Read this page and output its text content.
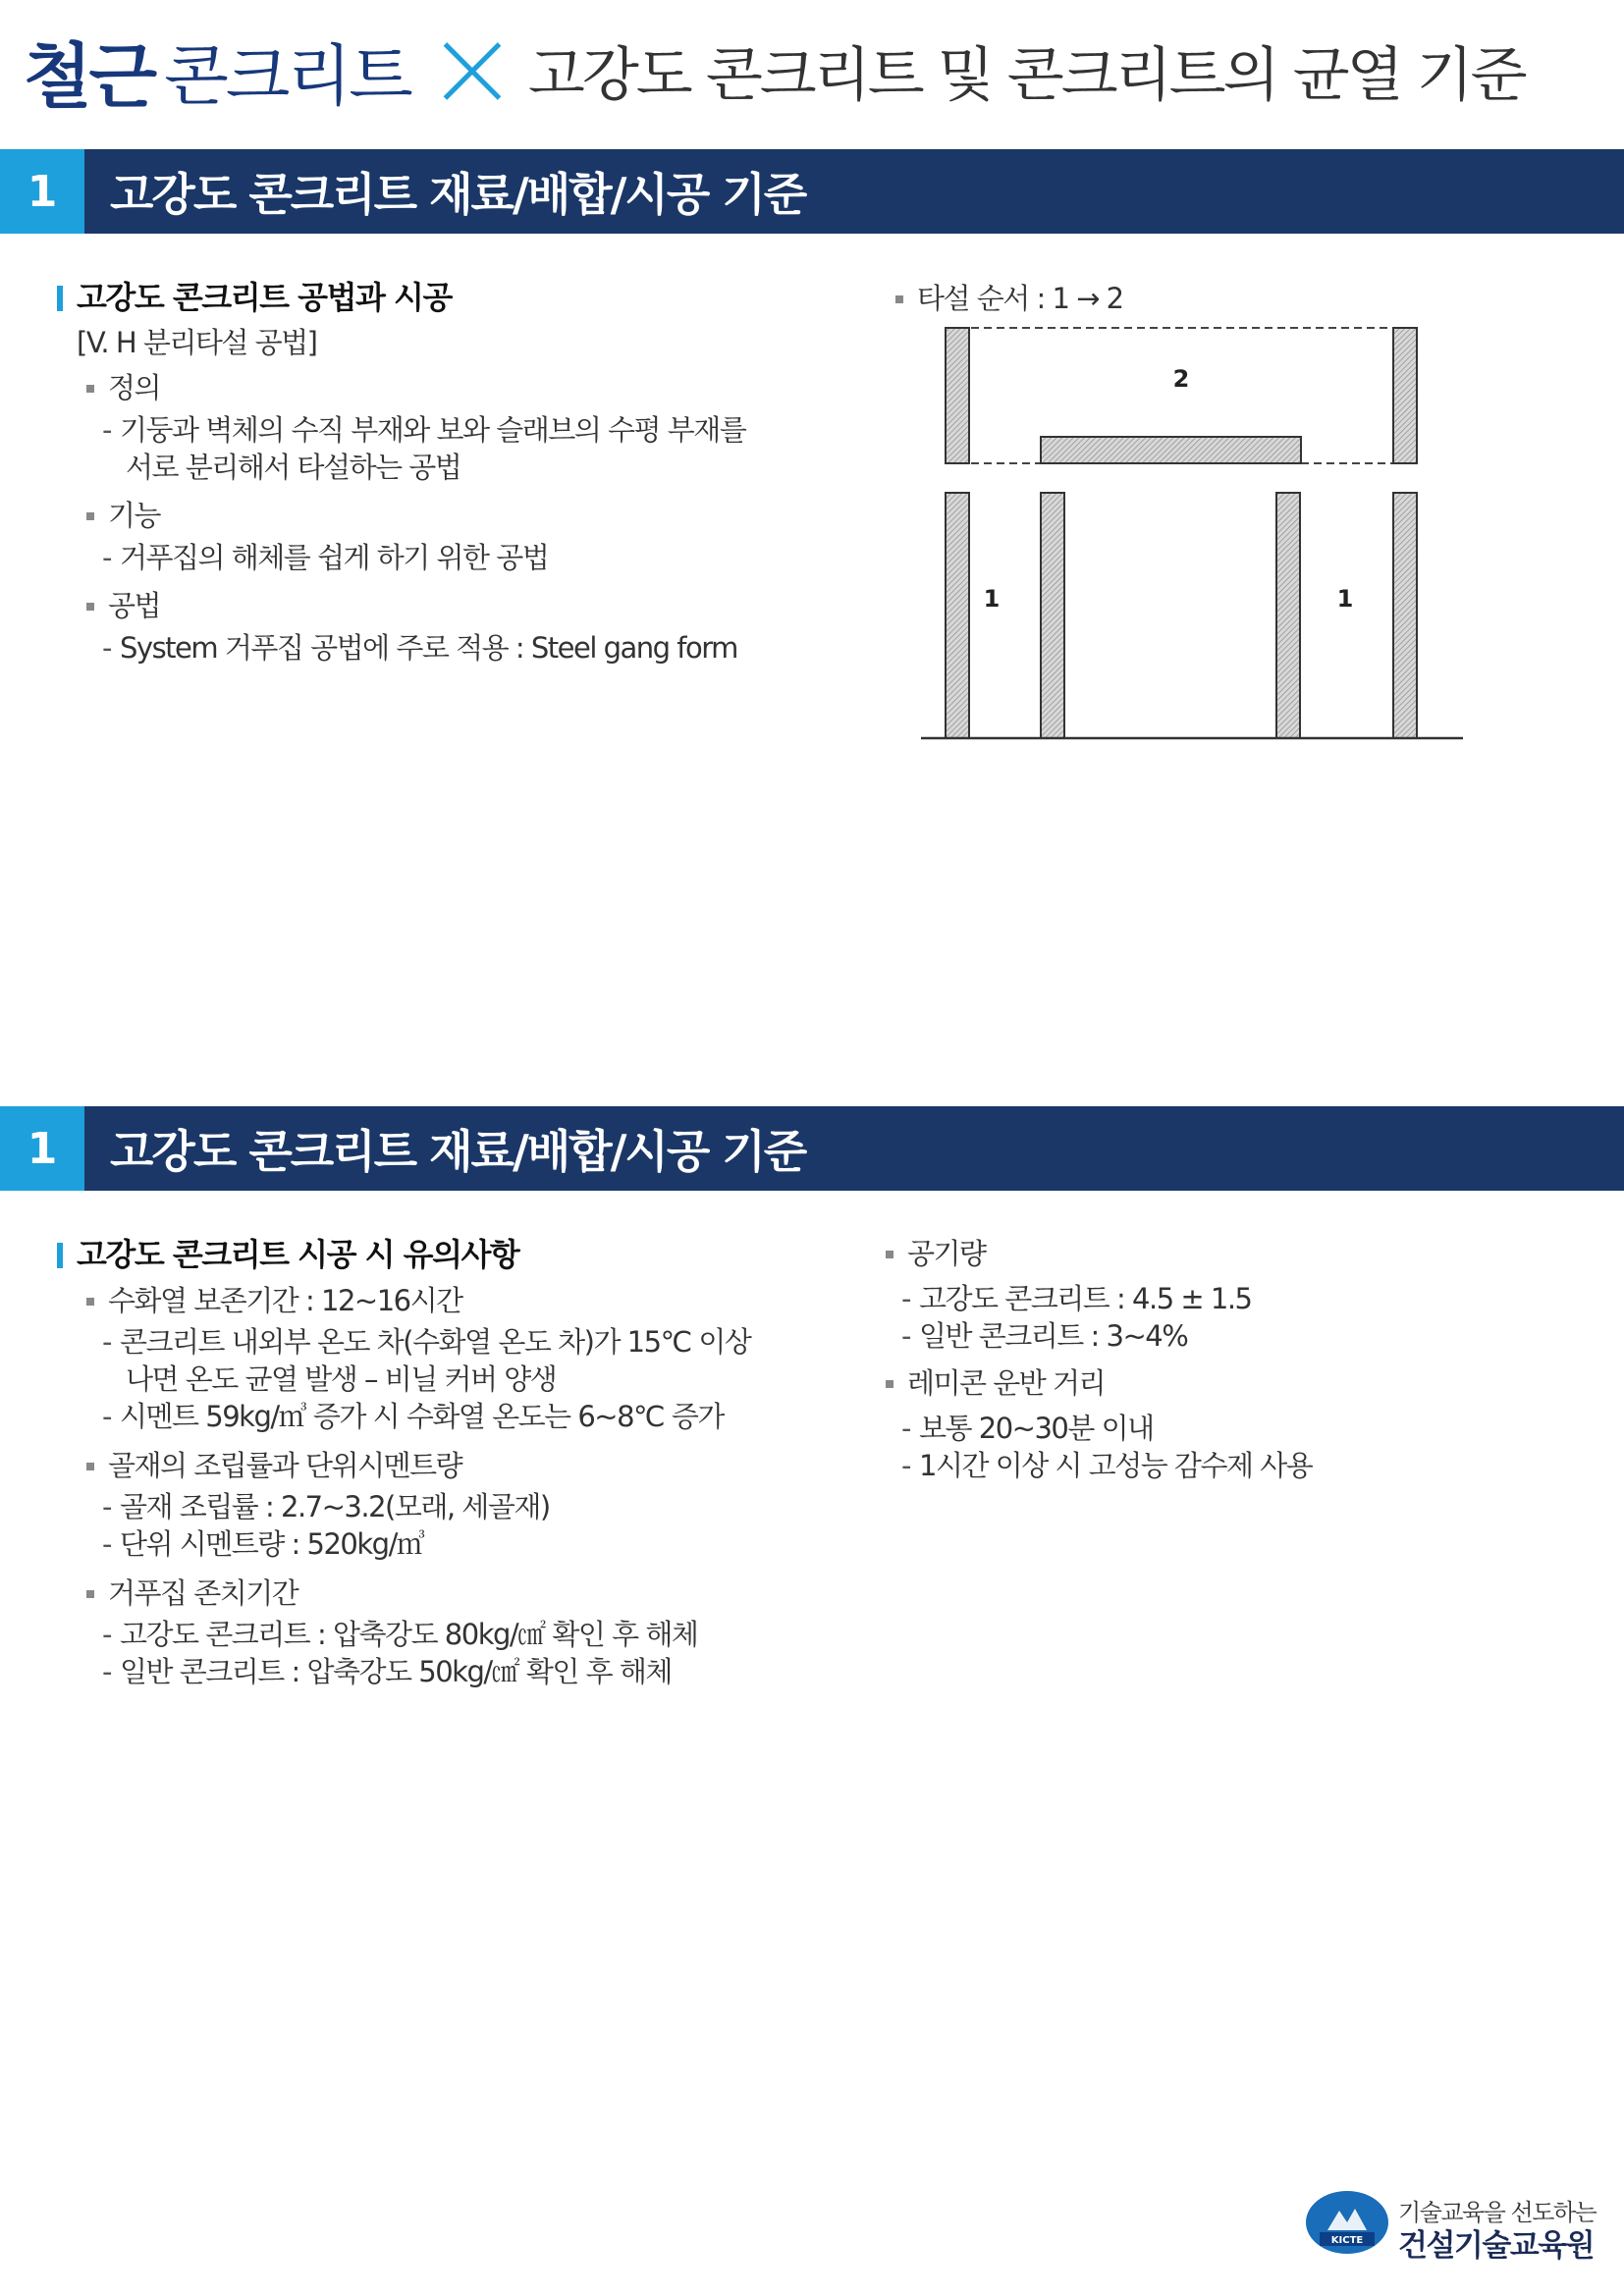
철근 콘크리트 고강도 콘크리트 및 콘크리트의 균열 기준
1	고강도 콘크리트 재료/배합/시공 기준
고강도 콘크리트 공법과 시공
[V. H 분리타설 공법]
정의
- 기둥과 벽체의 수직 부재와 보와 슬래브의 수평 부재를
서로 분리해서 타설하는 공법
기능
- 거푸집의 해체를 쉽게 하기 위한 공법
공법
- System 거푸집 공법에 주로 적용 : Steel gang form
타설 순서 : 1 → 2
2
1	1
1	고강도 콘크리트 재료/배합/시공 기준
고강도 콘크리트 시공 시 유의사항
수화열 보존기간 : 12~16시간
- 콘크리트 내외부 온도 차(수화열 온도 차)가 15℃ 이상
나면 온도 균열 발생 – 비닐 커버 양생
- 시멘트 59kg/㎥ 증가 시 수화열 온도는 6~8℃ 증가
골재의 조립률과 단위시멘트량
- 골재 조립률 : 2.7~3.2(모래, 세골재)
- 단위 시멘트량 : 520kg/㎥
거푸집 존치기간
- 고강도 콘크리트 : 압축강도 80kg/㎠ 확인 후 해체
- 일반 콘크리트 : 압축강도 50kg/㎠ 확인 후 해체
공기량
- 고강도 콘크리트 : 4.5 ± 1.5
- 일반 콘크리트 : 3~4%
레미콘 운반 거리
- 보통 20~30분 이내
- 1시간 이상 시 고성능 감수제 사용
KICTE
기술교육을 선도하는
건설기술교육원
